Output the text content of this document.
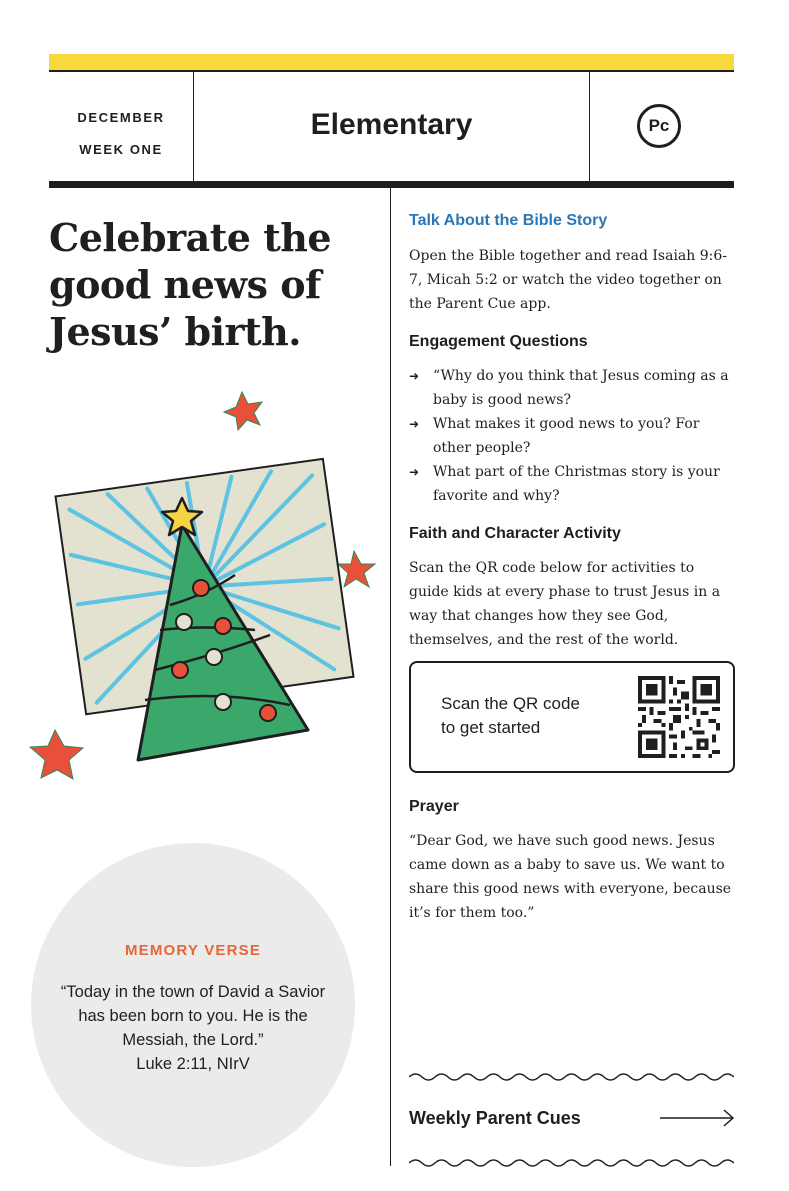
DECEMBER
WEEK ONE
Elementary	Pc
Celebrate the good news of Jesus’ birth.
MEMORY VERSE
“Today in the town of David a Savior has been born to you. He is the Messiah, the Lord.”
Luke 2:11, NIrV
Talk About the Bible Story
Open the Bible together and read Isaiah 9:6-7, Micah 5:2 or watch the video together on the Parent Cue app.
Engagement Questions
➜ “Why do you think that Jesus coming as a baby is good news?
➜ What makes it good news to you? For other people?
➜ What part of the Christmas story is your favorite and why?
Faith and Character Activity
Scan the QR code below for activities to guide kids at every phase to trust Jesus in a way that changes how they see God, themselves, and the rest of the world.
Scan the QR code
to get started
Prayer
“Dear God, we have such good news. Jesus came down as a baby to save us. We want to share this good news with everyone, because it’s for them too.”
Weekly Parent Cues
